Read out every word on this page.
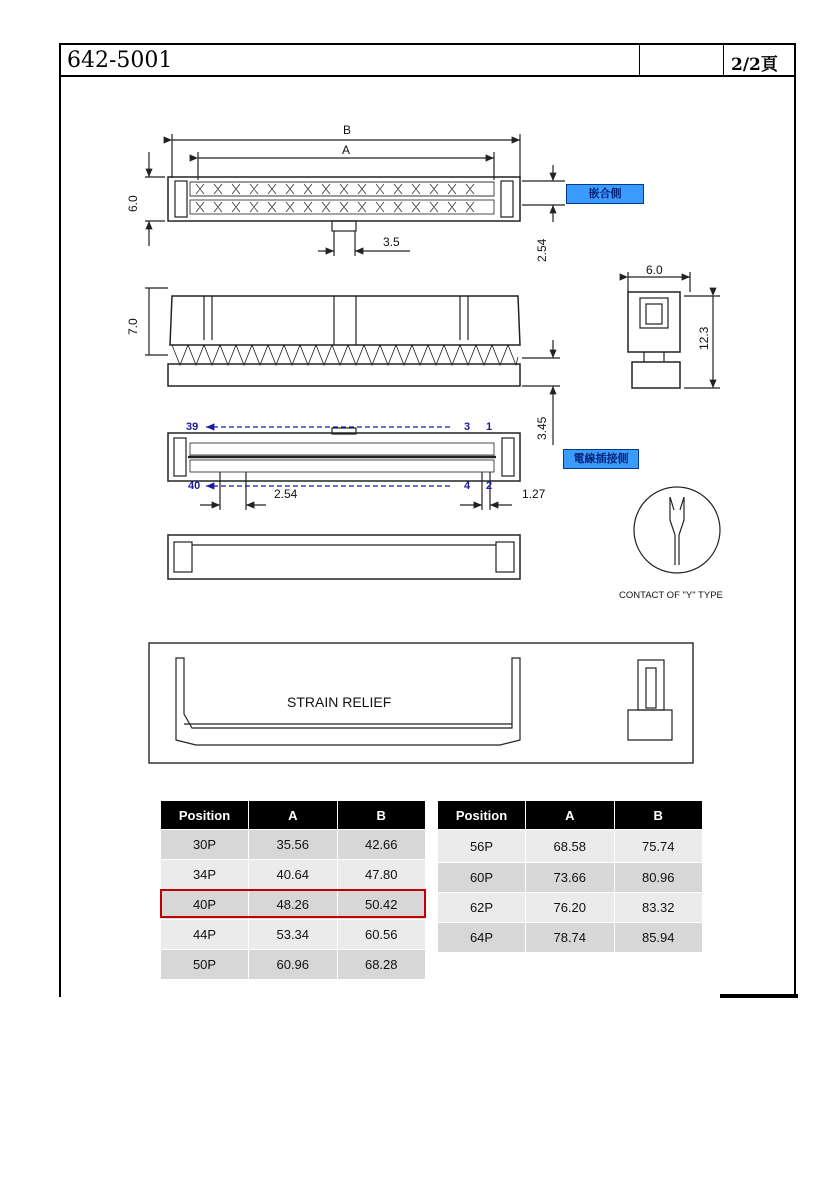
642-5001	2/2頁
B
A
6.0
3.5	2.54
7.0
3.45
2.54	1.27
6.0
12.3
CONTACT OF "Y" TYPE
STRAIN RELIEF
嵌合側
電線插接側
39	3 1
40	4 2
Position	A	B
30P	35.56	42.66
34P	40.64	47.80
40P	48.26	50.42
44P	53.34	60.56
50P	60.96	68.28
Position	A	B
56P	68.58	75.74
60P	73.66	80.96
62P	76.20	83.32
64P	78.74	85.94
